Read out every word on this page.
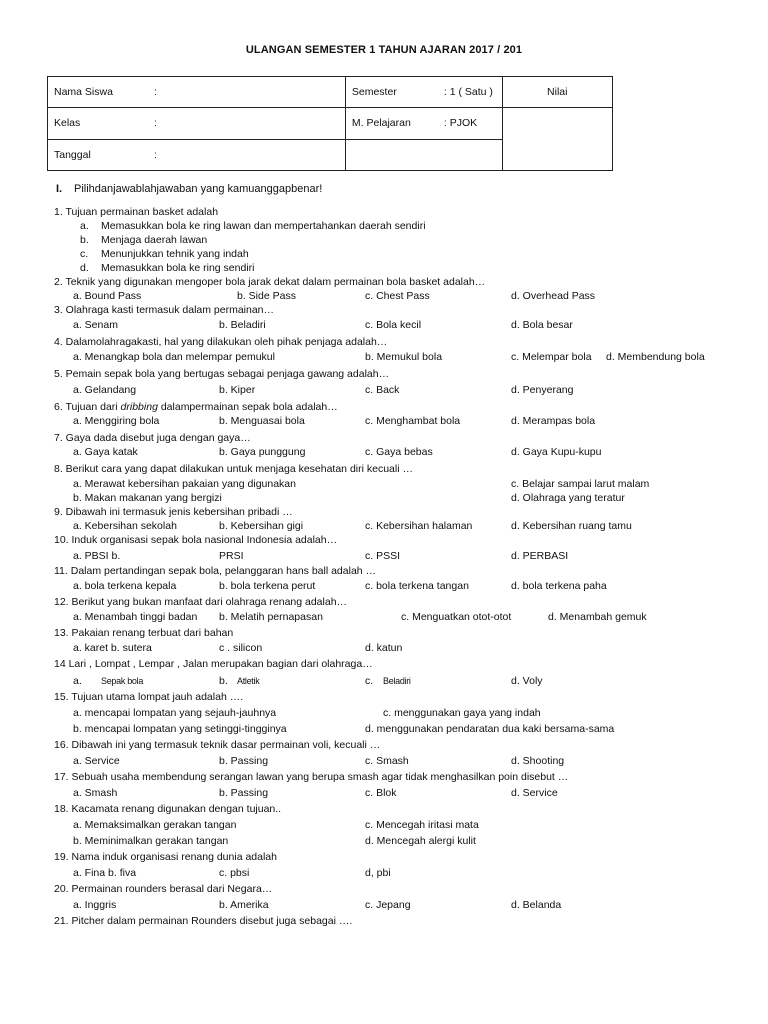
ULANGAN SEMESTER 1 TAHUN AJARAN 2017 / 201
Nama Siswa :	Semester : 1 ( Satu )	Nilai
Kelas :	M. Pelajaran : PJOK	
Tanggal :		
I. Pilihdanjawablahjawaban yang kamuanggapbenar!
1. Tujuan permainan basket adalah
a. Memasukkan bola ke ring lawan dan mempertahankan daerah sendiri
b. Menjaga daerah lawan
c. Menunjukkan tehnik yang indah
d. Memasukkan bola ke ring sendiri
2. Teknik yang digunakan mengoper bola jarak dekat dalam permainan bola basket adalah…
a. Bound Pass	b. Side Pass	c. Chest Pass	d. Overhead Pass
3. Olahraga kasti termasuk dalam permainan…
a. Senam	b. Beladiri	c. Bola kecil	d. Bola besar
4. Dalamolahragakasti, hal yang dilakukan oleh pihak penjaga adalah…
a. Menangkap bola dan melempar pemukul	b. Memukul bola	c. Melempar bola d. Membendung bola
5. Pemain sepak bola yang bertugas sebagai penjaga gawang adalah…
a. Gelandang	b. Kiper	c. Back	d. Penyerang
6. Tujuan dari dribbing dalampermainan sepak bola adalah…
a. Menggiring bola	b. Menguasai bola	c. Menghambat bola	d. Merampas bola
7. Gaya dada disebut juga dengan gaya…
a. Gaya katak	b. Gaya punggung	c. Gaya bebas	d. Gaya Kupu-kupu
8. Berikut cara yang dapat dilakukan untuk menjaga kesehatan diri kecuali …
a. Merawat kebersihan pakaian yang digunakan	c. Belajar sampai larut malam
b. Makan makanan yang bergizi	d. Olahraga yang teratur
9. Dibawah ini termasuk jenis kebersihan pribadi …
a. Kebersihan sekolah	b. Kebersihan gigi	c. Kebersihan halaman	d. Kebersihan ruang tamu
10. Induk organisasi sepak bola nasional Indonesia adalah…
a. PBSI b.	PRSI	c. PSSI	d. PERBASI
11. Dalam pertandingan sepak bola, pelanggaran hans ball adalah …
a. bola terkena kepala	b. bola terkena perut	c. bola terkena tangan	d. bola terkena paha
12. Berikut yang bukan manfaat dari olahraga renang adalah…
a. Menambah tinggi badan b. Melatih pernapasan	c. Menguatkan otot-otot	d. Menambah gemuk
13. Pakaian renang terbuat dari bahan
a. karet b. sutera	c . silicon	d. katun
14 Lari , Lompat , Lempar , Jalan merupakan bagian dari olahraga…
a. Sepak bola	b. Atletik	c. Beladiri	d. Voly
15. Tujuan utama lompat jauh adalah ….
a. mencapai lompatan yang sejauh-jauhnya	c. menggunakan gaya yang indah
b. mencapai lompatan yang setinggi-tingginya	d. menggunakan pendaratan dua kaki bersama-sama
16. Dibawah ini yang termasuk teknik dasar permainan voli, kecuali …
a. Service	b. Passing	c. Smash	d. Shooting
17. Sebuah usaha membendung serangan lawan yang berupa smash agar tidak menghasilkan poin disebut …
a. Smash	b. Passing	c. Blok	d. Service
18. Kacamata renang digunakan dengan tujuan..
a. Memaksimalkan gerakan tangan	c. Mencegah iritasi mata
b. Meminimalkan gerakan tangan	d. Mencegah alergi kulit
19. Nama induk organisasi renang dunia adalah
a. Fina b. fiva	c. pbsi	d, pbi
20. Permainan rounders berasal dari Negara…
a. Inggris	b. Amerika	c. Jepang	d. Belanda
21. Pitcher dalam permainan Rounders disebut juga sebagai ….
